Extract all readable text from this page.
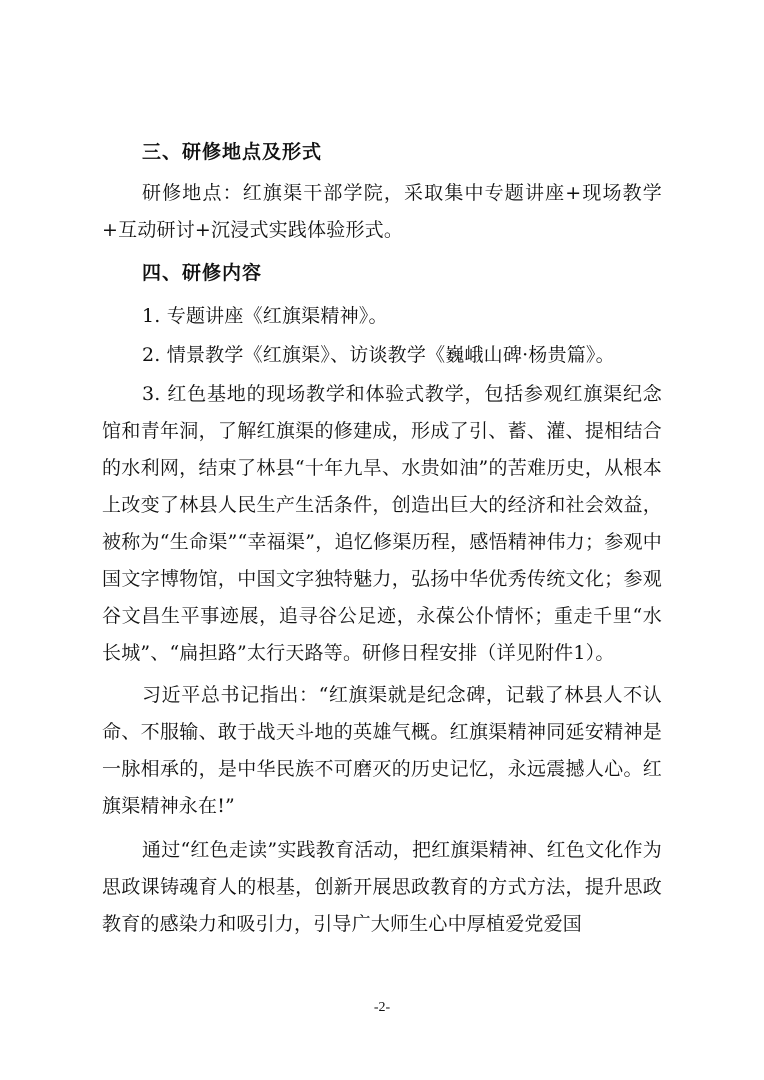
三、研修地点及形式

研修地点：红旗渠干部学院，采取集中专题讲座+现场教学+互动研讨+沉浸式实践体验形式。

四、研修内容

1. 专题讲座《红旗渠精神》。

2. 情景教学《红旗渠》、访谈教学《巍峨山碑·杨贵篇》。

3. 红色基地的现场教学和体验式教学，包括参观红旗渠纪念馆和青年洞，了解红旗渠的修建成，形成了引、蓄、灌、提相结合的水利网，结束了林县“十年九旱、水贵如油”的苦难历史，从根本上改变了林县人民生产生活条件，创造出巨大的经济和社会效益，被称为“生命渠”“幸福渠”，追忆修渠历程，感悟精神伟力；参观中国文字博物馆，中国文字独特魅力，弘扬中华优秀传统文化；参观谷文昌生平事迹展，追寻谷公足迹，永葆公仆情怀；重走千里“水长城”、“扁担路”太行天路等。研修日程安排（详见附件1）。

习近平总书记指出：“红旗渠就是纪念碑，记载了林县人不认命、不服输、敢于战天斗地的英雄气概。红旗渠精神同延安精神是一脉相承的，是中华民族不可磨灭的历史记忆，永远震撼人心。红旗渠精神永在!”

通过“红色走读”实践教育活动，把红旗渠精神、红色文化作为思政课铸魂育人的根基，创新开展思政教育的方式方法，提升思政教育的感染力和吸引力，引导广大师生心中厚植爱党爱国

-2-
